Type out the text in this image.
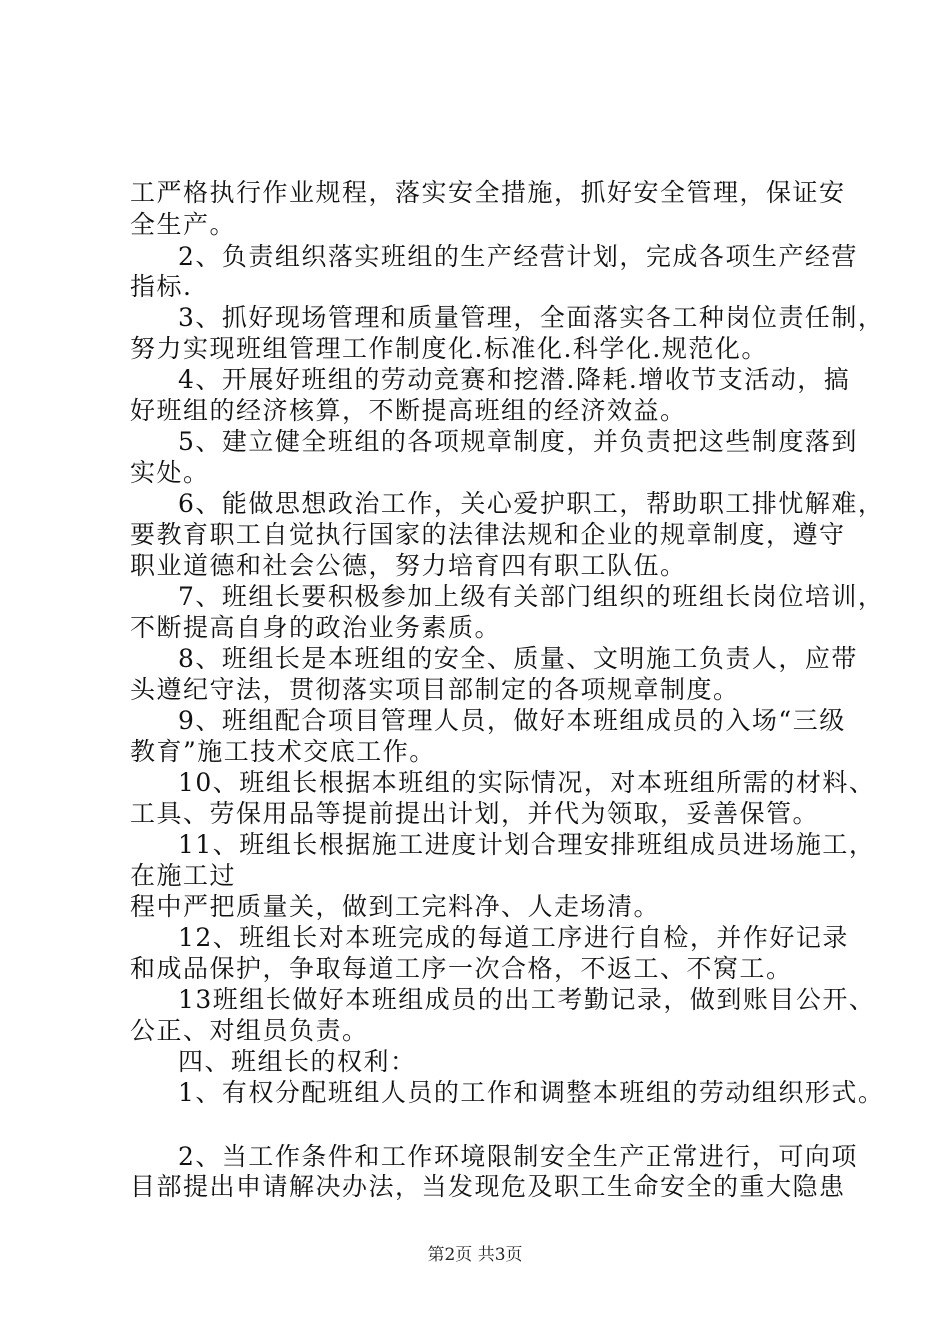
工严格执行作业规程，落实安全措施，抓好安全管理，保证安
全生产。
2、负责组织落实班组的生产经营计划，完成各项生产经营
指标.
3、抓好现场管理和质量管理，全面落实各工种岗位责任制，
努力实现班组管理工作制度化.标准化.科学化.规范化。
4、开展好班组的劳动竞赛和挖潜.降耗.增收节支活动，搞
好班组的经济核算，不断提高班组的经济效益。
5、建立健全班组的各项规章制度，并负责把这些制度落到
实处。
6、能做思想政治工作，关心爱护职工，帮助职工排忧解难，
要教育职工自觉执行国家的法律法规和企业的规章制度，遵守
职业道德和社会公德，努力培育四有职工队伍。
7、班组长要积极参加上级有关部门组织的班组长岗位培训，
不断提高自身的政治业务素质。
8、班组长是本班组的安全、质量、文明施工负责人，应带
头遵纪守法，贯彻落实项目部制定的各项规章制度。
9、班组配合项目管理人员，做好本班组成员的入场“三级
教育”施工技术交底工作。
10、班组长根据本班组的实际情况，对本班组所需的材料、
工具、劳保用品等提前提出计划，并代为领取，妥善保管。
11、班组长根据施工进度计划合理安排班组成员进场施工，
在施工过
程中严把质量关，做到工完料净、人走场清。
12、班组长对本班完成的每道工序进行自检，并作好记录
和成品保护，争取每道工序一次合格，不返工、不窝工。
13班组长做好本班组成员的出工考勤记录，做到账目公开、
公正、对组员负责。
四、班组长的权利：
1、有权分配班组人员的工作和调整本班组的劳动组织形式。
2、当工作条件和工作环境限制安全生产正常进行，可向项
目部提出申请解决办法，当发现危及职工生命安全的重大隐患
第2页 共3页
